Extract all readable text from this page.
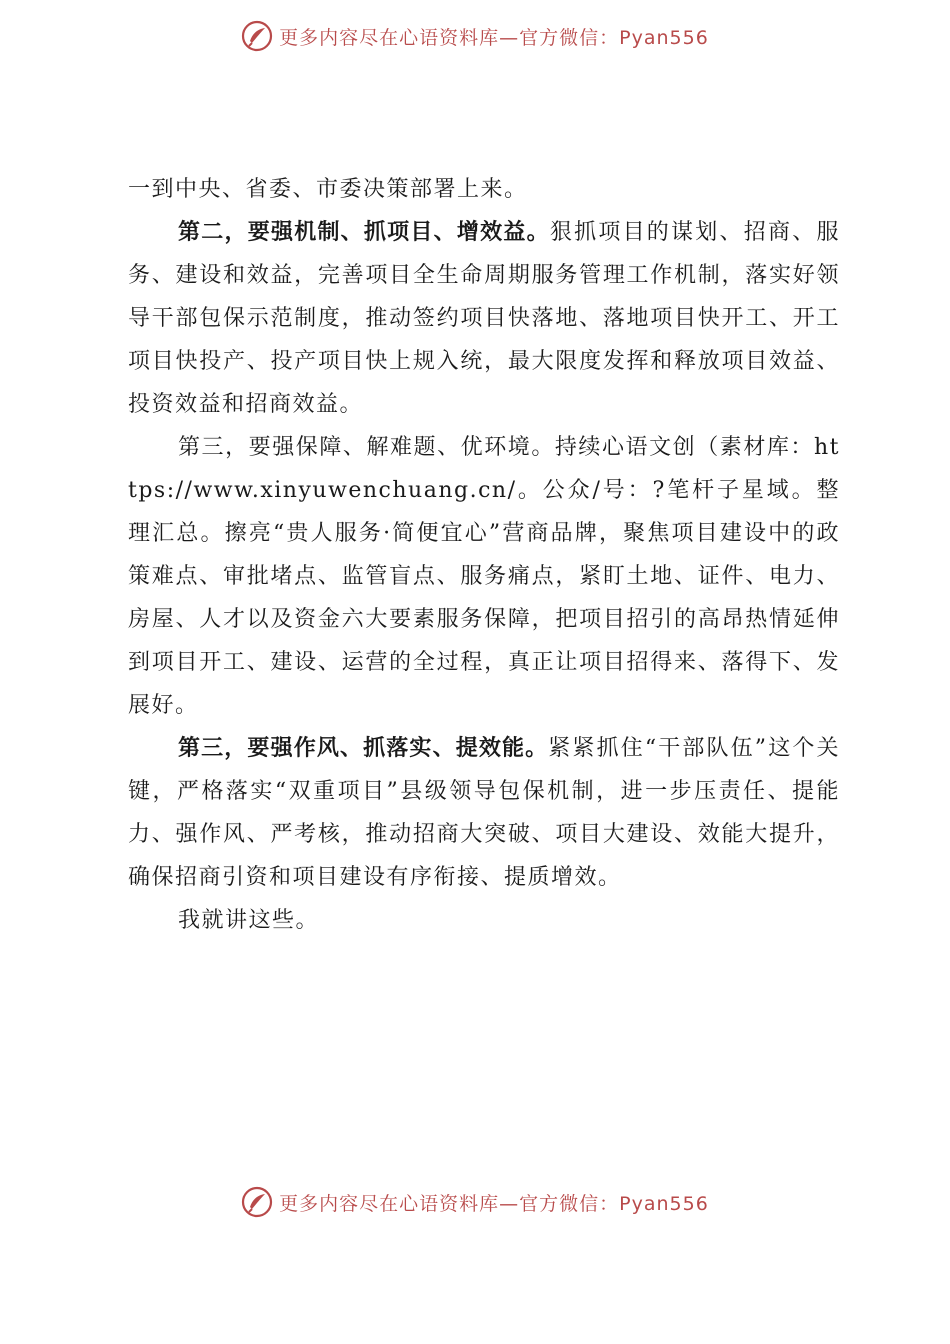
更多内容尽在心语资料库—官方微信：Pyan556

一到中央、省委、市委决策部署上来。

第二，要强机制、抓项目、增效益。狠抓项目的谋划、招商、服务、建设和效益，完善项目全生命周期服务管理工作机制，落实好领导干部包保示范制度，推动签约项目快落地、落地项目快开工、开工项目快投产、投产项目快上规入统，最大限度发挥和释放项目效益、投资效益和招商效益。

第三，要强保障、解难题、优环境。持续心语文创（素材库：https://www.xinyuwenchuang.cn/。公众/号：?笔杆子星域。整理汇总。擦亮“贵人服务·简便宜心”营商品牌，聚焦项目建设中的政策难点、审批堵点、监管盲点、服务痛点，紧盯土地、证件、电力、房屋、人才以及资金六大要素服务保障，把项目招引的高昂热情延伸到项目开工、建设、运营的全过程，真正让项目招得来、落得下、发展好。

第三，要强作风、抓落实、提效能。紧紧抓住“干部队伍”这个关键，严格落实“双重项目”县级领导包保机制，进一步压责任、提能力、强作风、严考核，推动招商大突破、项目大建设、效能大提升，确保招商引资和项目建设有序衔接、提质增效。

我就讲这些。

更多内容尽在心语资料库—官方微信：Pyan556
